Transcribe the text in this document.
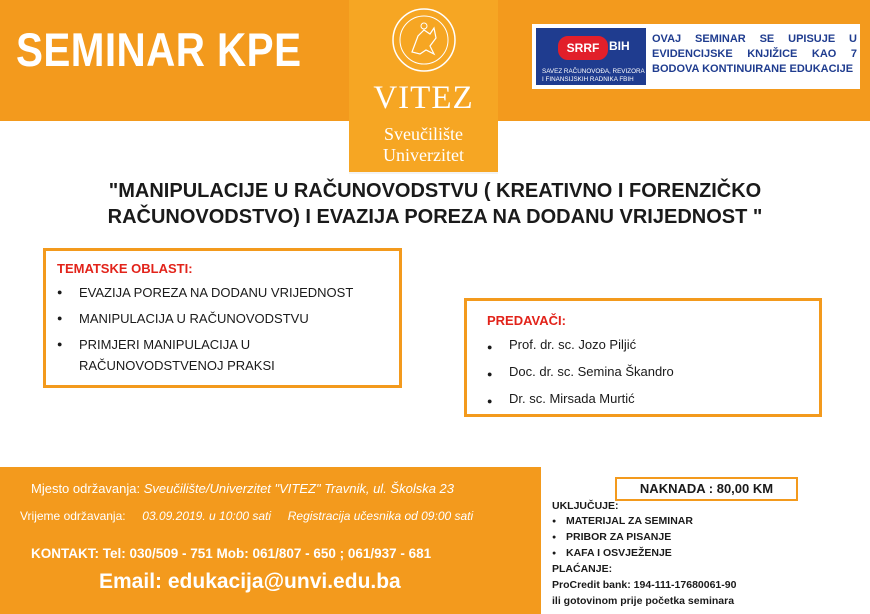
SEMINAR KPE
VITEZ
Sveučilište
Univerzitet
SRRF BIH
SAVEZ RAČUNOVOĐA, REVIZORA
I FINANSIJSKIH RADNIKA FBIH
OVAJ SEMINAR SE UPISUJE U EVIDENCIJSKE KNJIŽICE KAO 7 BODOVA KONTINUIRANE EDUKACIJE
"MANIPULACIJE U RAČUNOVODSTVU ( KREATIVNO I FORENZIČKO
RAČUNOVODSTVO) I EVAZIJA POREZA NA DODANU VRIJEDNOST "
TEMATSKE OBLASTI:
● EVAZIJA POREZA NA DODANU VRIJEDNOST
● MANIPULACIJA U RAČUNOVODSTVU
● PRIMJERI MANIPULACIJA U
RAČUNOVODSTVENOJ PRAKSI
PREDAVAČI:
● Prof. dr. sc. Jozo Piljić
● Doc. dr. sc. Semina Škandro
● Dr. sc. Mirsada Murtić
Mjesto održavanja: Sveučilište/Univerzitet "VITEZ" Travnik, ul. Školska 23
Vrijeme održavanja: 03.09.2019. u 10:00 sati Registracija učesnika od 09:00 sati
KONTAKT: Tel: 030/509 - 751 Mob: 061/807 - 650 ; 061/937 - 681
Email: edukacija@unvi.edu.ba
NAKNADA : 80,00 KM
UKLJUČUJE:
● MATERIJAL ZA SEMINAR
● PRIBOR ZA PISANJE
● KAFA I OSVJEŽENJE
PLAĆANJE:
ProCredit bank: 194-111-17680061-90
ili gotovinom prije početka seminara
